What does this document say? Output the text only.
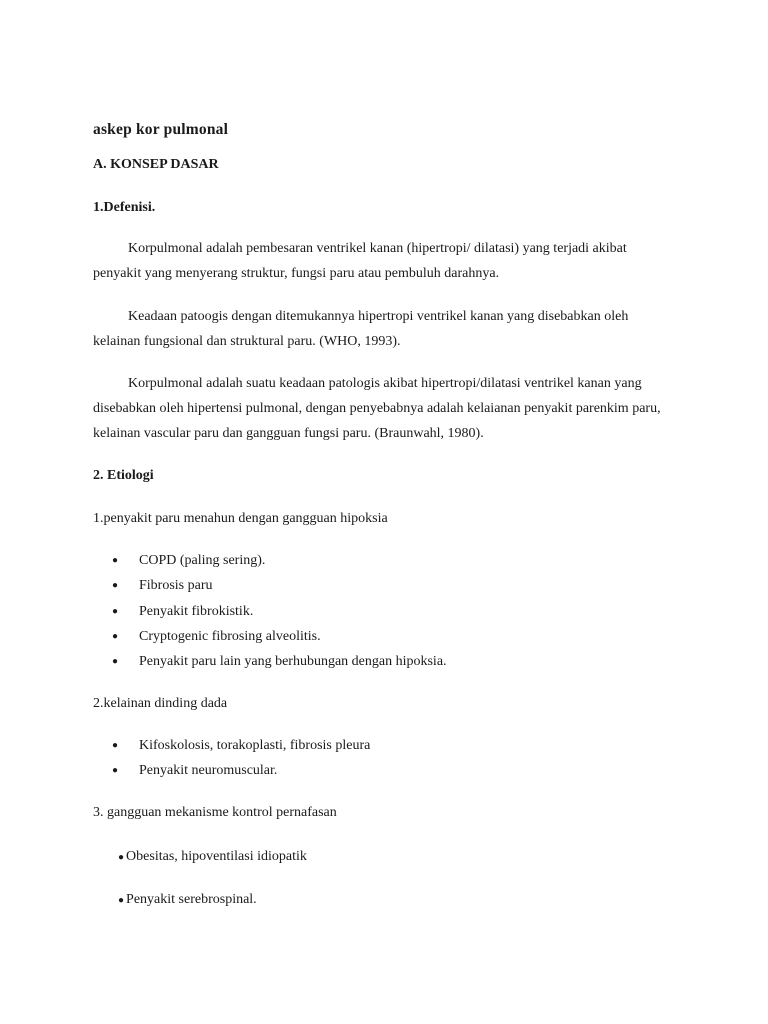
askep kor pulmonal
A. KONSEP DASAR
1.Defenisi.
Korpulmonal adalah pembesaran ventrikel kanan (hipertropi/ dilatasi) yang terjadi akibat penyakit yang menyerang struktur, fungsi paru atau pembuluh darahnya.
Keadaan patoogis dengan ditemukannya hipertropi ventrikel kanan yang disebabkan oleh kelainan fungsional dan struktural paru. (WHO, 1993).
Korpulmonal adalah suatu keadaan patologis akibat hipertropi/dilatasi ventrikel kanan yang disebabkan oleh hipertensi pulmonal, dengan penyebabnya adalah kelaianan penyakit parenkim paru, kelainan vascular paru dan gangguan fungsi paru. (Braunwahl, 1980).
2. Etiologi
1.penyakit paru menahun dengan gangguan hipoksia
● COPD (paling sering).
● Fibrosis paru
● Penyakit fibrokistik.
● Cryptogenic fibrosing alveolitis.
● Penyakit paru lain yang berhubungan dengan hipoksia.
2.kelainan dinding dada
● Kifoskolosis, torakoplasti, fibrosis pleura
● Penyakit neuromuscular.
3. gangguan mekanisme kontrol pernafasan
● Obesitas, hipoventilasi idiopatik
● Penyakit serebrospinal.
